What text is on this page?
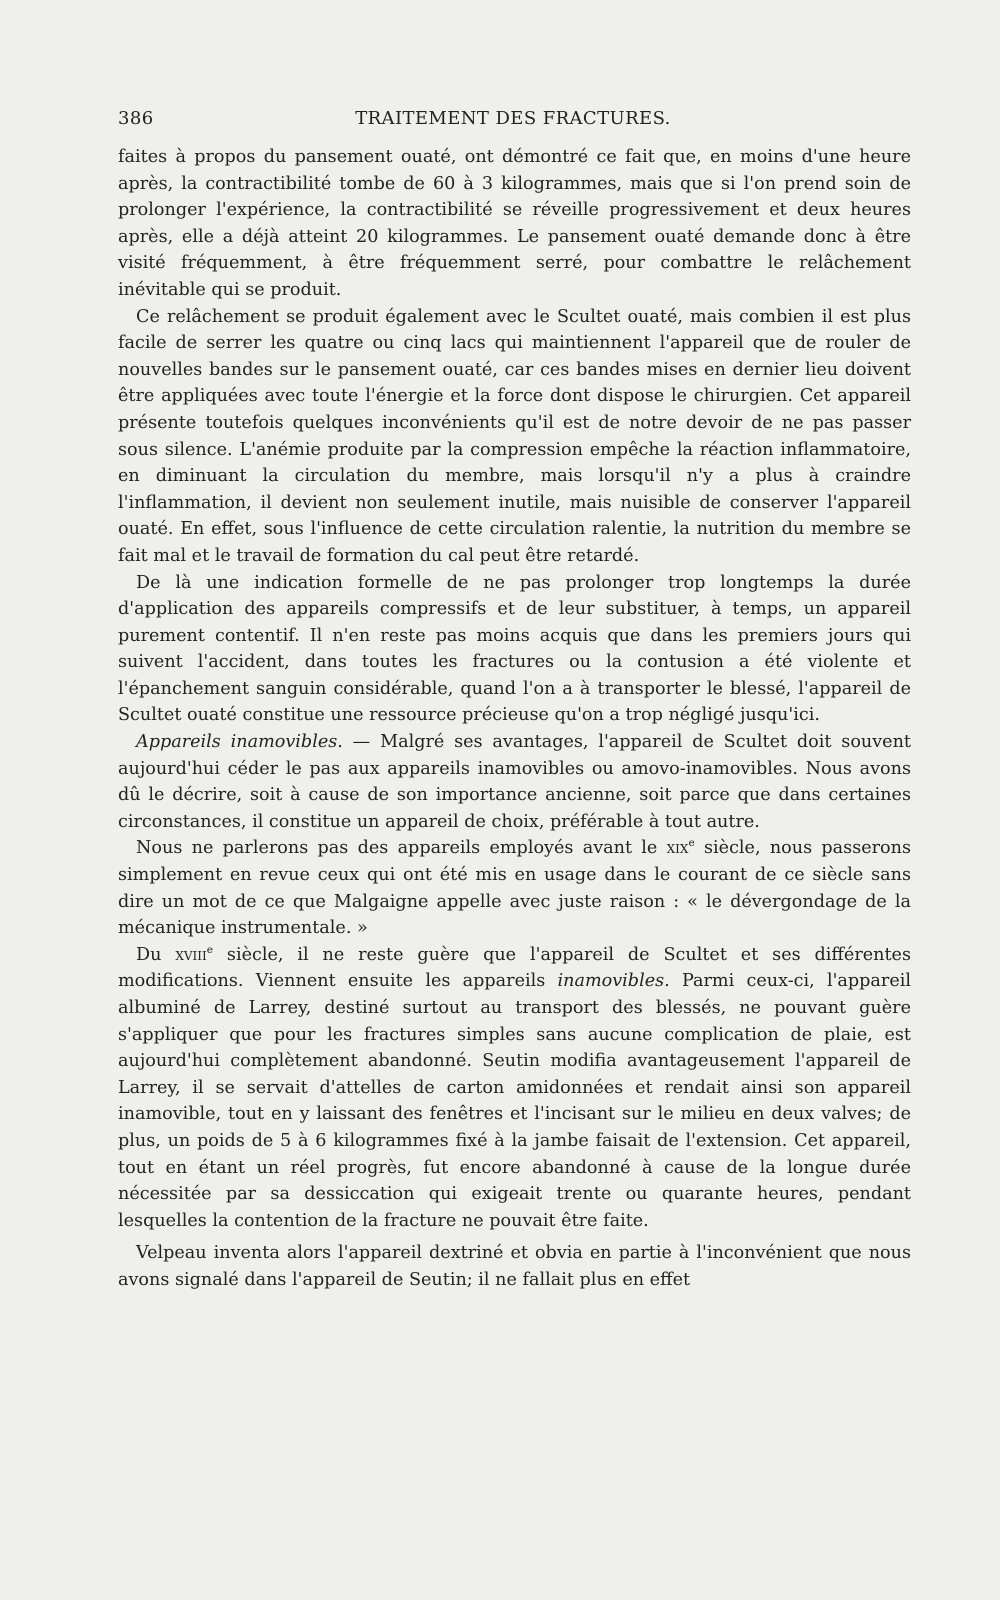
386	TRAITEMENT DES FRACTURES.

faites à propos du pansement ouaté, ont démontré ce fait que, en moins d'une heure après, la contractibilité tombe de 60 à 3 kilogrammes, mais que si l'on prend soin de prolonger l'expérience, la contractibilité se réveille progressivement et deux heures après, elle a déjà atteint 20 kilogrammes. Le pansement ouaté demande donc à être visité fréquemment, à être fréquemment serré, pour combattre le relâchement inévitable qui se produit.

Ce relâchement se produit également avec le Scultet ouaté, mais combien il est plus facile de serrer les quatre ou cinq lacs qui maintiennent l'appareil que de rouler de nouvelles bandes sur le pansement ouaté, car ces bandes mises en dernier lieu doivent être appliquées avec toute l'énergie et la force dont dispose le chirurgien. Cet appareil présente toutefois quelques inconvénients qu'il est de notre devoir de ne pas passer sous silence. L'anémie produite par la compression empêche la réaction inflammatoire, en diminuant la circulation du membre, mais lorsqu'il n'y a plus à craindre l'inflammation, il devient non seulement inutile, mais nuisible de conserver l'appareil ouaté. En effet, sous l'influence de cette circulation ralentie, la nutrition du membre se fait mal et le travail de formation du cal peut être retardé.

De là une indication formelle de ne pas prolonger trop longtemps la durée d'application des appareils compressifs et de leur substituer, à temps, un appareil purement contentif. Il n'en reste pas moins acquis que dans les premiers jours qui suivent l'accident, dans toutes les fractures ou la contusion a été violente et l'épanchement sanguin considérable, quand l'on a à transporter le blessé, l'appareil de Scultet ouaté constitue une ressource précieuse qu'on a trop négligé jusqu'ici.

Appareils inamovibles. — Malgré ses avantages, l'appareil de Scultet doit souvent aujourd'hui céder le pas aux appareils inamovibles ou amovo-inamovibles. Nous avons dû le décrire, soit à cause de son importance ancienne, soit parce que dans certaines circonstances, il constitue un appareil de choix, préférable à tout autre.

Nous ne parlerons pas des appareils employés avant le xix$^e$ siècle, nous passerons simplement en revue ceux qui ont été mis en usage dans le courant de ce siècle sans dire un mot de ce que Malgaigne appelle avec juste raison : « le dévergondage de la mécanique instrumentale. »

Du xviii$^e$ siècle, il ne reste guère que l'appareil de Scultet et ses différentes modifications. Viennent ensuite les appareils inamovibles. Parmi ceux-ci, l'appareil albuminé de Larrey, destiné surtout au transport des blessés, ne pouvant guère s'appliquer que pour les fractures simples sans aucune complication de plaie, est aujourd'hui complètement abandonné. Seutin modifia avantageusement l'appareil de Larrey, il se servait d'attelles de carton amidonnées et rendait ainsi son appareil inamovible, tout en y laissant des fenêtres et l'incisant sur le milieu en deux valves; de plus, un poids de 5 à 6 kilogrammes fixé à la jambe faisait de l'extension. Cet appareil, tout en étant un réel progrès, fut encore abandonné à cause de la longue durée nécessitée par sa dessiccation qui exigeait trente ou quarante heures, pendant lesquelles la contention de la fracture ne pouvait être faite.

Velpeau inventa alors l'appareil dextriné et obvia en partie à l'inconvénient que nous avons signalé dans l'appareil de Seutin; il ne fallait plus en effet
